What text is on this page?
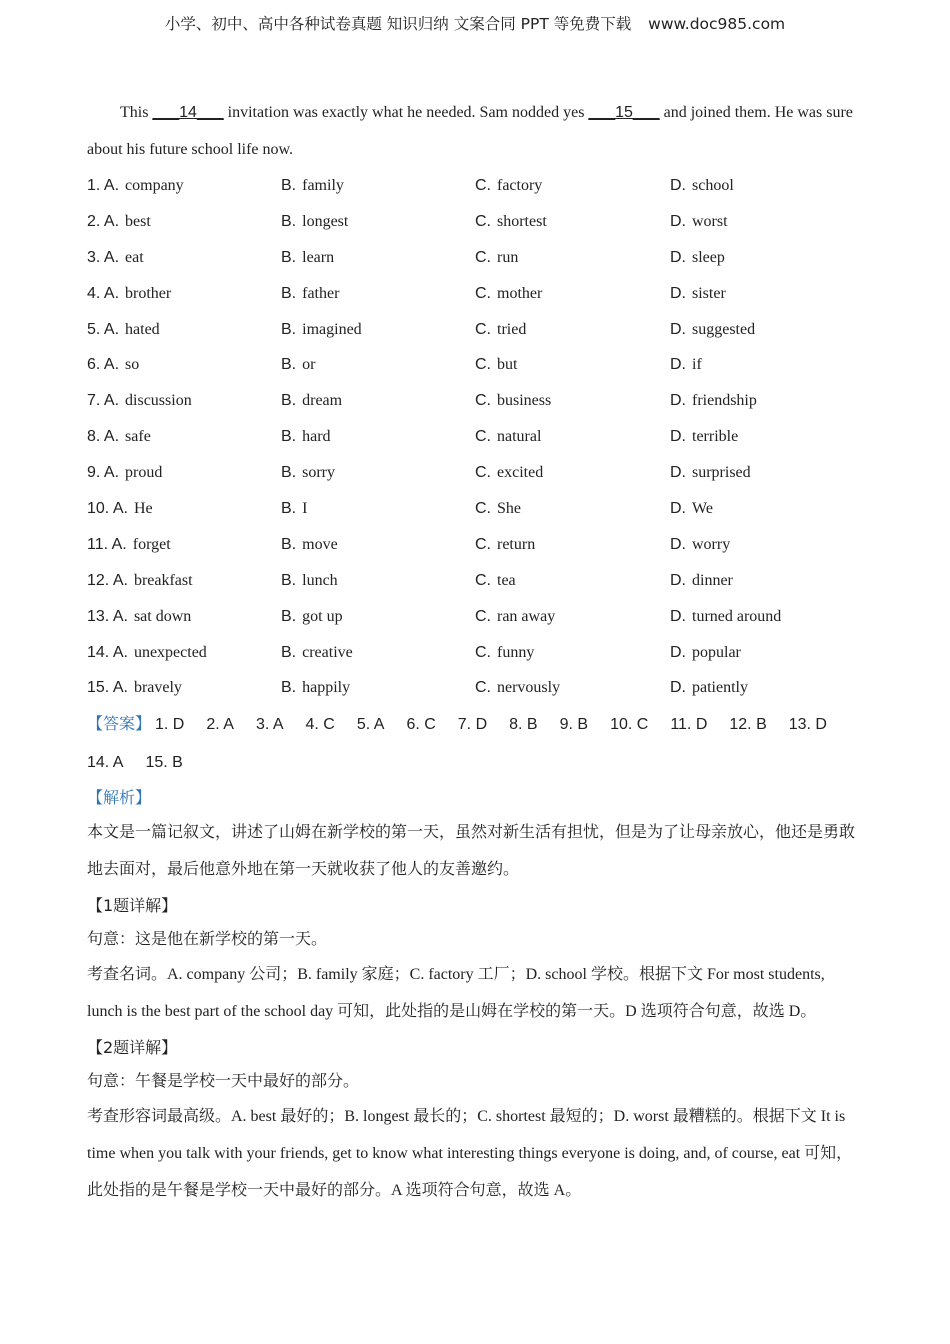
小学、初中、高中各种试卷真题 知识归纳 文案合同 PPT 等免费下载 www.doc985.com

This ___14___ invitation was exactly what he needed. Sam nodded yes ___15___ and joined them. He was sure about his future school life now.

1. A. company	B. family	C. factory	D. school
2. A. best	B. longest	C. shortest	D. worst
3. A. eat	B. learn	C. run	D. sleep
4. A. brother	B. father	C. mother	D. sister
5. A. hated	B. imagined	C. tried	D. suggested
6. A. so	B. or	C. but	D. if
7. A. discussion	B. dream	C. business	D. friendship
8. A. safe	B. hard	C. natural	D. terrible
9. A. proud	B. sorry	C. excited	D. surprised
10. A. He	B. I	C. She	D. We
11. A. forget	B. move	C. return	D. worry
12. A. breakfast	B. lunch	C. tea	D. dinner
13. A. sat down	B. got up	C. ran away	D. turned around
14. A. unexpected	B. creative	C. funny	D. popular
15. A. bravely	B. happily	C. nervously	D. patiently
【答案】 1. D 2. A 3. A 4. C 5. A 6. C 7. D 8. B 9. B 10. C 11. D 12. B 13. D
14. A 15. B
【解析】
本文是一篇记叙文，讲述了山姆在新学校的第一天，虽然对新生活有担忧，但是为了让母亲放心，他还是勇敢地去面对，最后他意外地在第一天就收获了他人的友善邀约。
【1题详解】
句意：这是他在新学校的第一天。
考查名词。A. company 公司；B. family 家庭；C. factory 工厂；D. school 学校。根据下文 For most students, lunch is the best part of the school day 可知，此处指的是山姆在学校的第一天。D 选项符合句意，故选 D。
【2题详解】
句意：午餐是学校一天中最好的部分。
考查形容词最高级。A. best 最好的；B. longest 最长的；C. shortest 最短的；D. worst 最糟糕的。根据下文 It is time when you talk with your friends, get to know what interesting things everyone is doing, and, of course, eat 可知，此处指的是午餐是学校一天中最好的部分。A 选项符合句意，故选 A。
